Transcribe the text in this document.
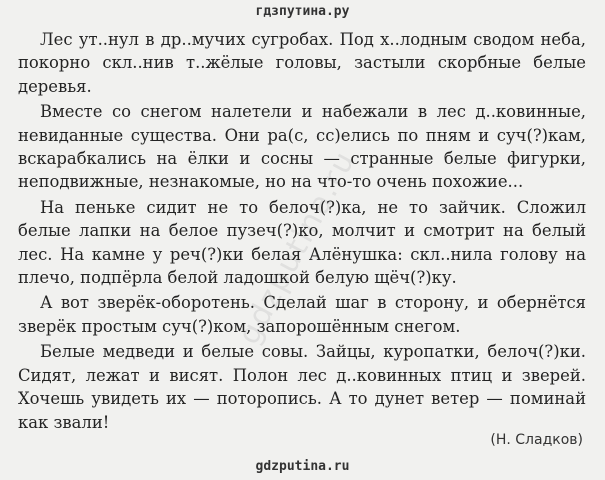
гдзпутина.ру
gdzputina.ru

Лес ут..нул в др..мучих сугробах. Под х..лодным сводом неба, покорно скл..нив т..жёлые головы, застыли скорбные белые деревья.

Вместе со снегом налетели и набежали в лес д..ковинные, невиданные существа. Они ра(с, сс)елись по пням и суч(?)кам, вскарабкались на ёлки и сосны — странные белые фигурки, неподвижные, незнакомые, но на что-то очень похожие...

На пеньке сидит не то белоч(?)ка, не то зайчик. Сложил белые лапки на белое пузеч(?)ко, молчит и смотрит на белый лес. На камне у реч(?)ки белая Алёнушка: скл..нила голову на плечо, подпёрла белой ладошкой белую щёч(?)ку.

А вот зверёк-оборотень. Сделай шаг в сторону, и обернётся зверёк простым суч(?)ком, запорошённым снегом.

Белые медведи и белые совы. Зайцы, куропатки, белоч(?)ки. Сидят, лежат и висят. Полон лес д..ковинных птиц и зверей. Хочешь увидеть их — поторопись. А то дунет ветер — поминай как звали!

(Н. Сладков)
gdzputina.ru
